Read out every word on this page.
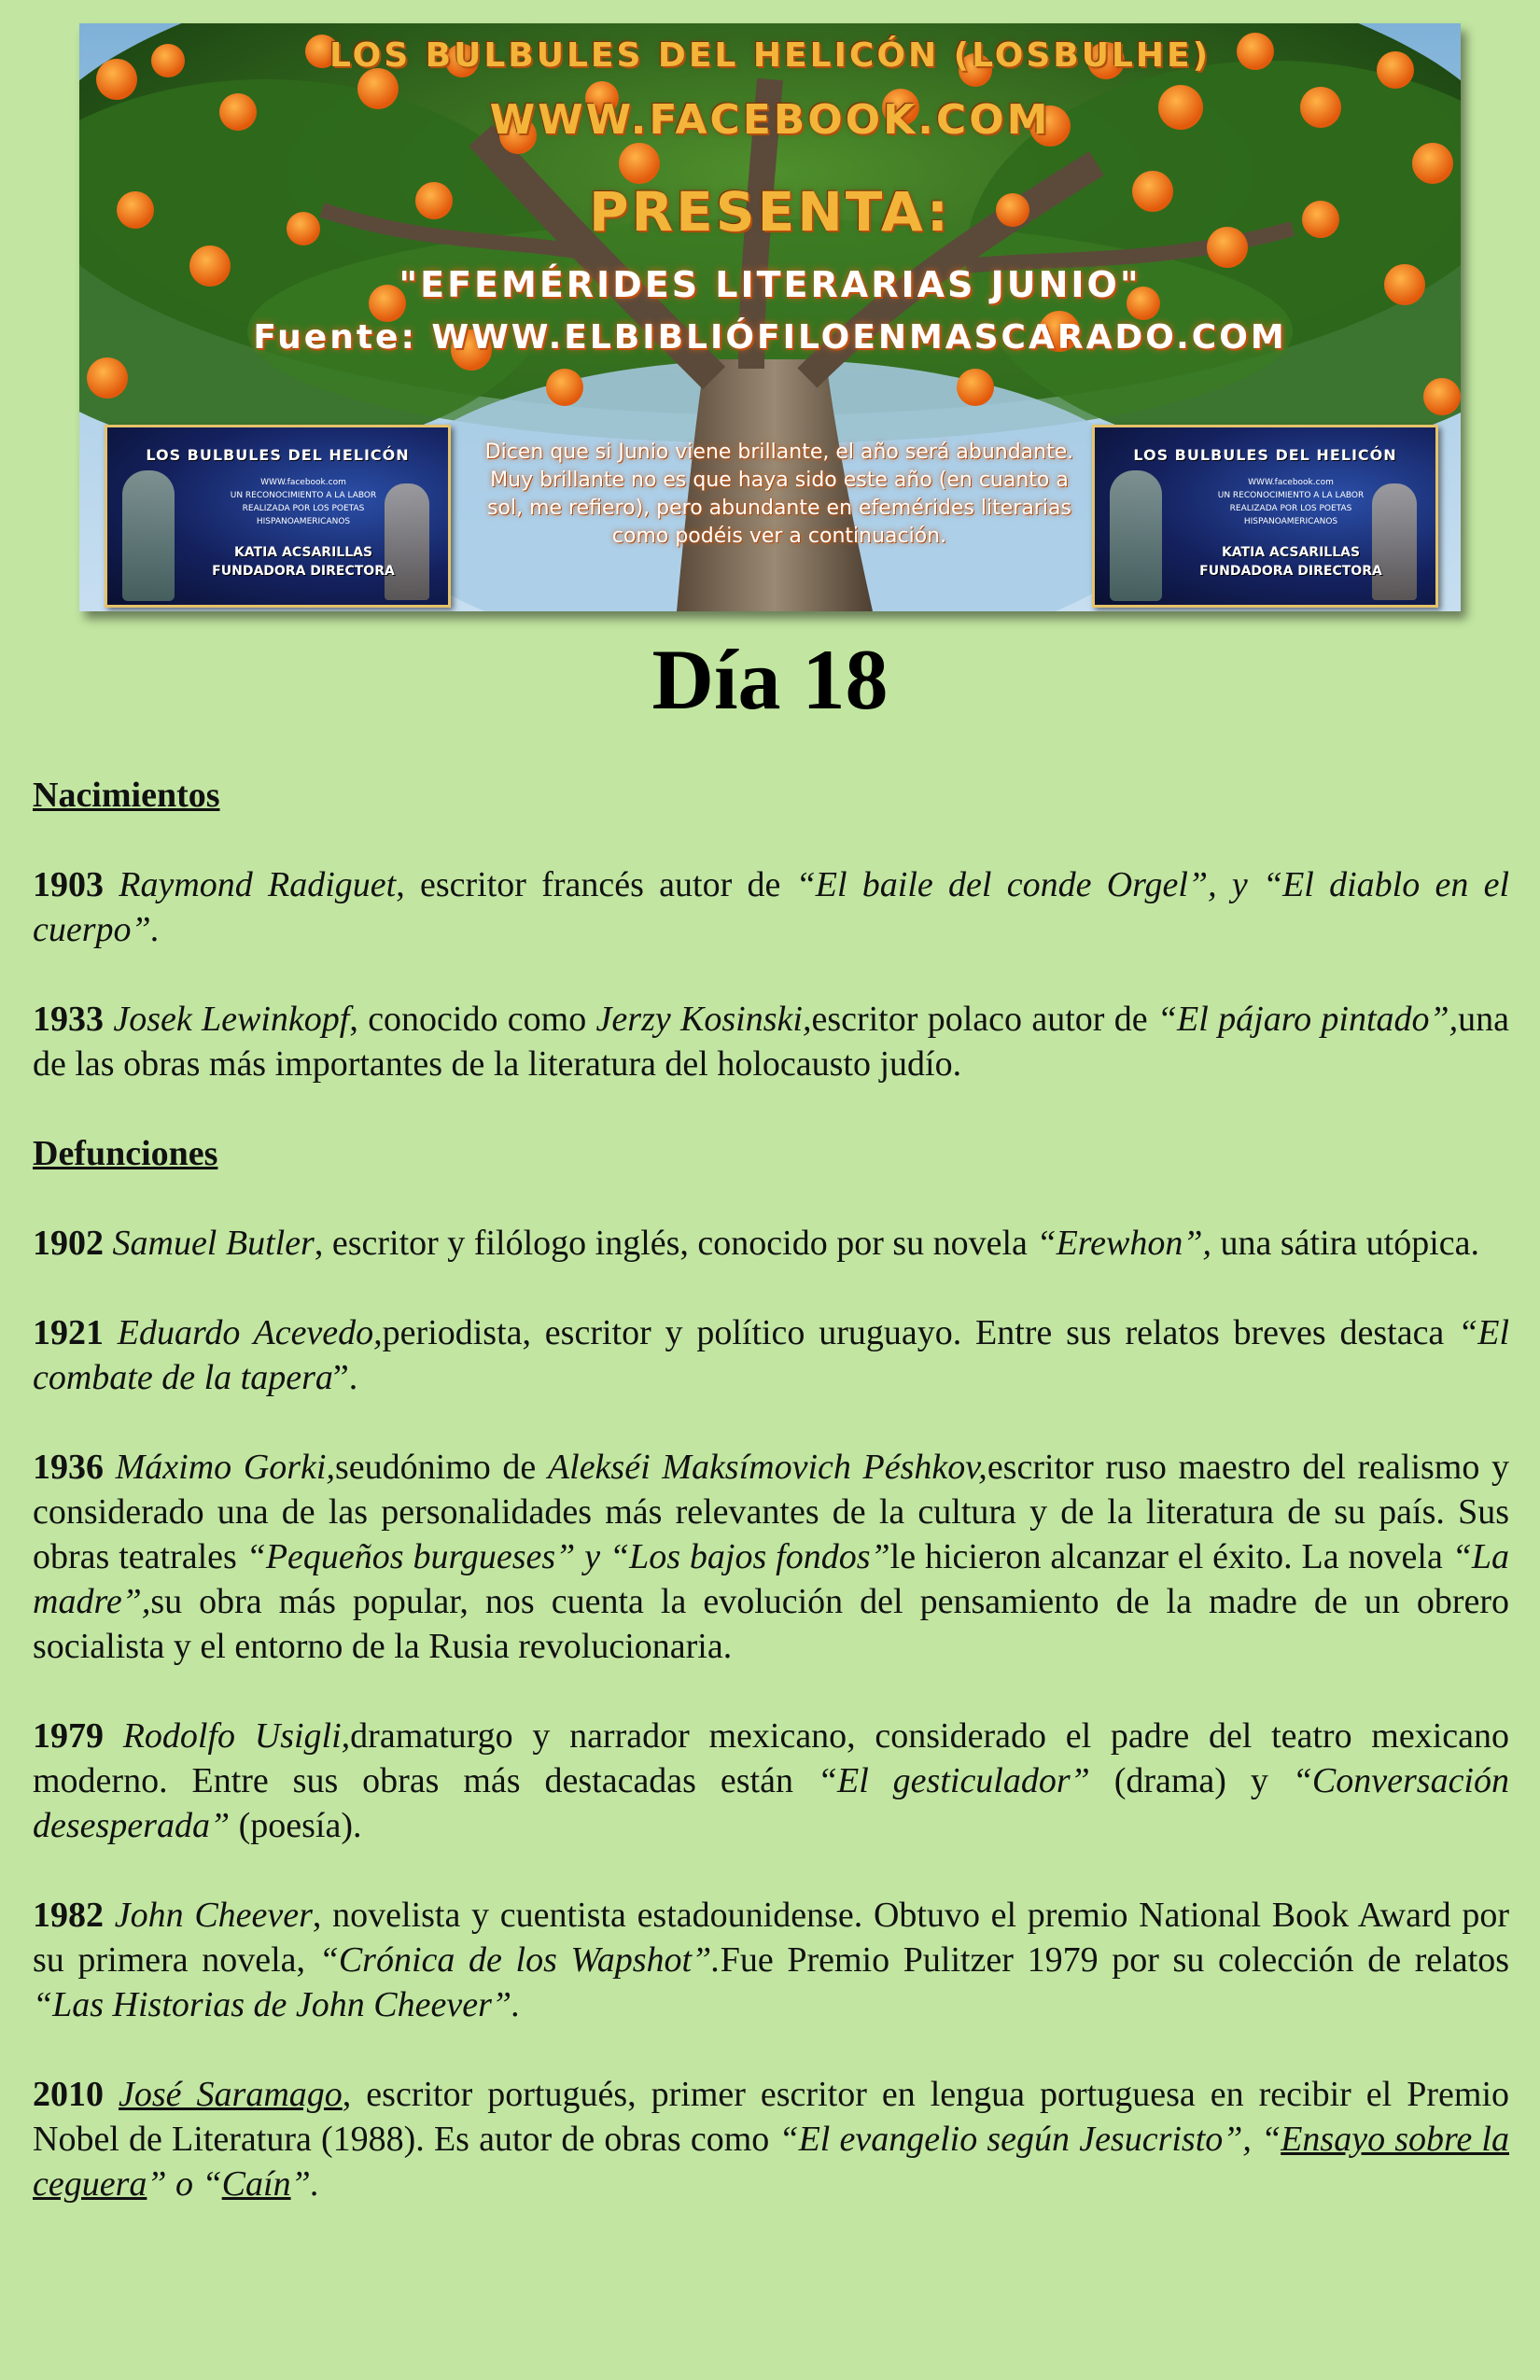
LOS BULBULES DEL HELICÓN (LOSBULHE)
WWW.FACEBOOK.COM
PRESENTA:
"EFEMÉRIDES LITERARIAS JUNIO"
Fuente: WWW.ELBIBLIÓFILOENMASCARADO.COM
Dicen que si Junio viene brillante, el año será abundante. Muy brillante no es que haya sido este año (en cuanto a sol, me refiero), pero abundante en efemérides literarias como podéis ver a continuación.
LOS BULBULES DEL HELICÓN
WWW.facebook.com
UN RECONOCIMIENTO A LA LABOR
REALIZADA POR LOS POETAS
HISPANOAMERICANOS
KATIA ACSARILLAS
FUNDADORA DIRECTORA
LOS BULBULES DEL HELICÓN
WWW.facebook.com
UN RECONOCIMIENTO A LA LABOR
REALIZADA POR LOS POETAS
HISPANOAMERICANOS
KATIA ACSARILLAS
FUNDADORA DIRECTORA
Día 18
Nacimientos
1903 Raymond Radiguet, escritor francés autor de “El baile del conde Orgel”, y “El diablo en el cuerpo”.
1933 Josek Lewinkopf, conocido como Jerzy Kosinski,escritor polaco autor de “El pájaro pintado”,una de las obras más importantes de la literatura del holocausto judío.
Defunciones
1902 Samuel Butler, escritor y filólogo inglés, conocido por su novela “Erewhon”, una sátira utópica.
1921 Eduardo Acevedo,periodista, escritor y político uruguayo. Entre sus relatos breves destaca “El combate de la tapera”.
1936 Máximo Gorki,seudónimo de Alekséi Maksímovich Péshkov,escritor ruso maestro del realismo y considerado una de las personalidades más relevantes de la cultura y de la literatura de su país. Sus obras teatrales “Pequeños burgueses” y “Los bajos fondos”le hicieron alcanzar el éxito. La novela “La madre”,su obra más popular, nos cuenta la evolución del pensamiento de la madre de un obrero socialista y el entorno de la Rusia revolucionaria.
1979 Rodolfo Usigli,dramaturgo y narrador mexicano, considerado el padre del teatro mexicano moderno. Entre sus obras más destacadas están “El gesticulador” (drama) y “Conversación desesperada” (poesía).
1982 John Cheever, novelista y cuentista estadounidense. Obtuvo el premio National Book Award por su primera novela, “Crónica de los Wapshot”.Fue Premio Pulitzer 1979 por su colección de relatos “Las Historias de John Cheever”.
2010 José Saramago, escritor portugués, primer escritor en lengua portuguesa en recibir el Premio Nobel de Literatura (1988). Es autor de obras como “El evangelio según Jesucristo”, “Ensayo sobre la ceguera” o “Caín”.
